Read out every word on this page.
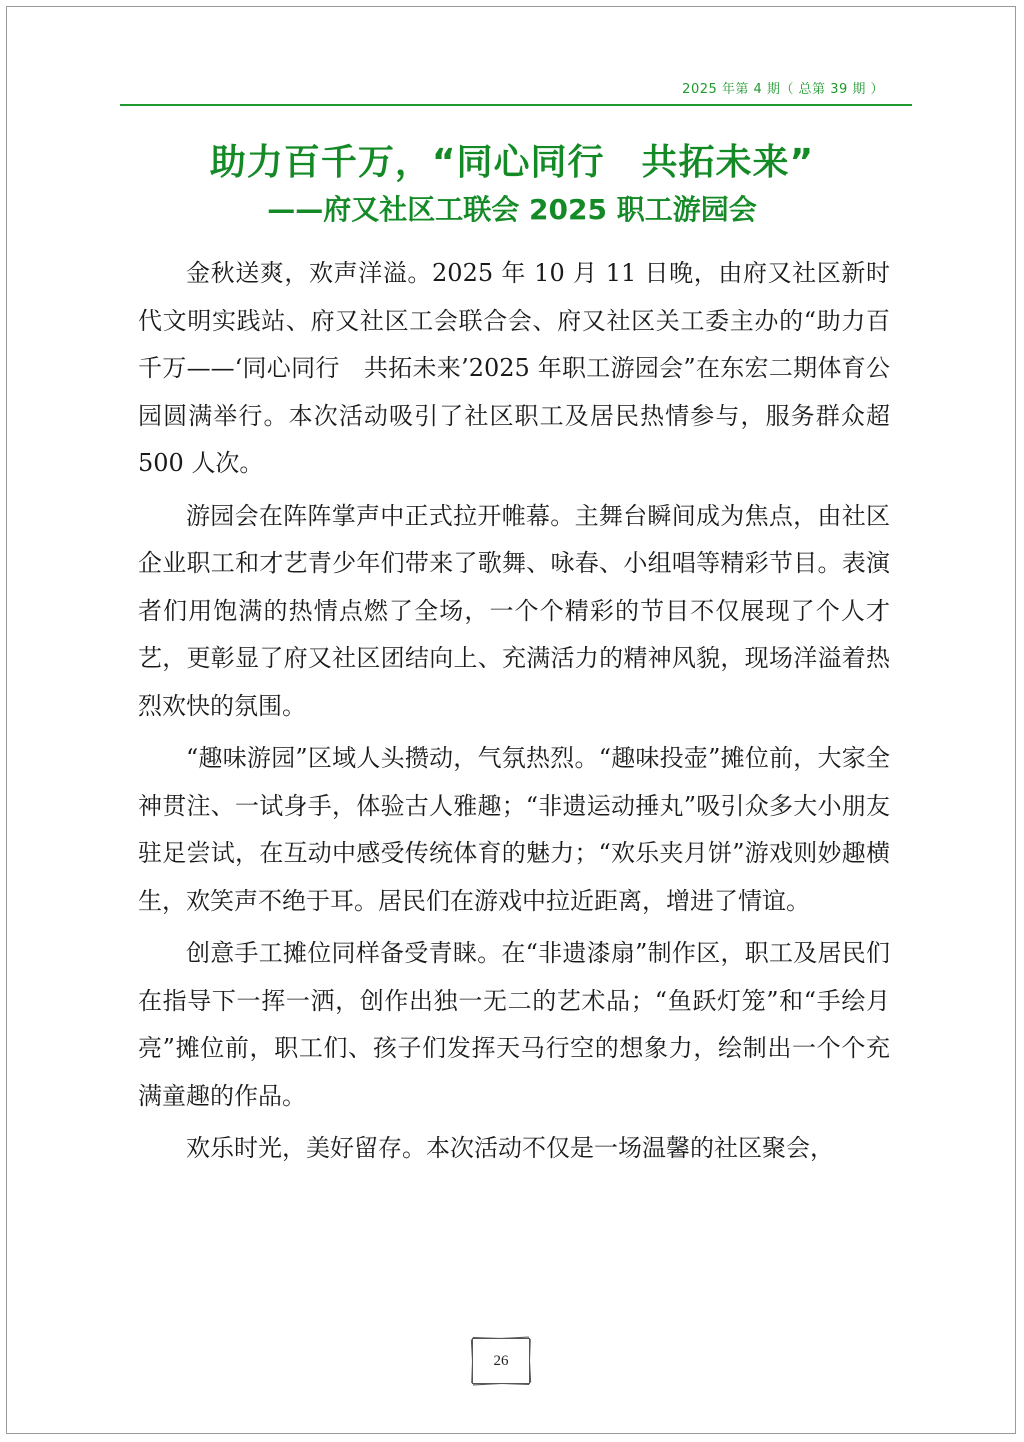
2025 年第 4 期（ 总第 39 期 ）
助力百千万，“同心同行　共拓未来”
——府又社区工联会 2025 职工游园会

金秋送爽，欢声洋溢。2025 年 10 月 11 日晚，由府又社区新时代文明实践站、府又社区工会联合会、府又社区关工委主办的“助力百千万——‘同心同行　共拓未来’2025 年职工游园会”在东宏二期体育公园圆满举行。本次活动吸引了社区职工及居民热情参与，服务群众超 500 人次。

游园会在阵阵掌声中正式拉开帷幕。主舞台瞬间成为焦点，由社区企业职工和才艺青少年们带来了歌舞、咏春、小组唱等精彩节目。表演者们用饱满的热情点燃了全场，一个个精彩的节目不仅展现了个人才艺，更彰显了府又社区团结向上、充满活力的精神风貌，现场洋溢着热烈欢快的氛围。

“趣味游园”区域人头攒动，气氛热烈。“趣味投壶”摊位前，大家全神贯注、一试身手，体验古人雅趣；“非遗运动捶丸”吸引众多大小朋友驻足尝试，在互动中感受传统体育的魅力；“欢乐夹月饼”游戏则妙趣横生，欢笑声不绝于耳。居民们在游戏中拉近距离，增进了情谊。

创意手工摊位同样备受青睐。在“非遗漆扇”制作区，职工及居民们在指导下一挥一洒，创作出独一无二的艺术品；“鱼跃灯笼”和“手绘月亮”摊位前，职工们、孩子们发挥天马行空的想象力，绘制出一个个充满童趣的作品。

欢乐时光，美好留存。本次活动不仅是一场温馨的社区聚会，

26
